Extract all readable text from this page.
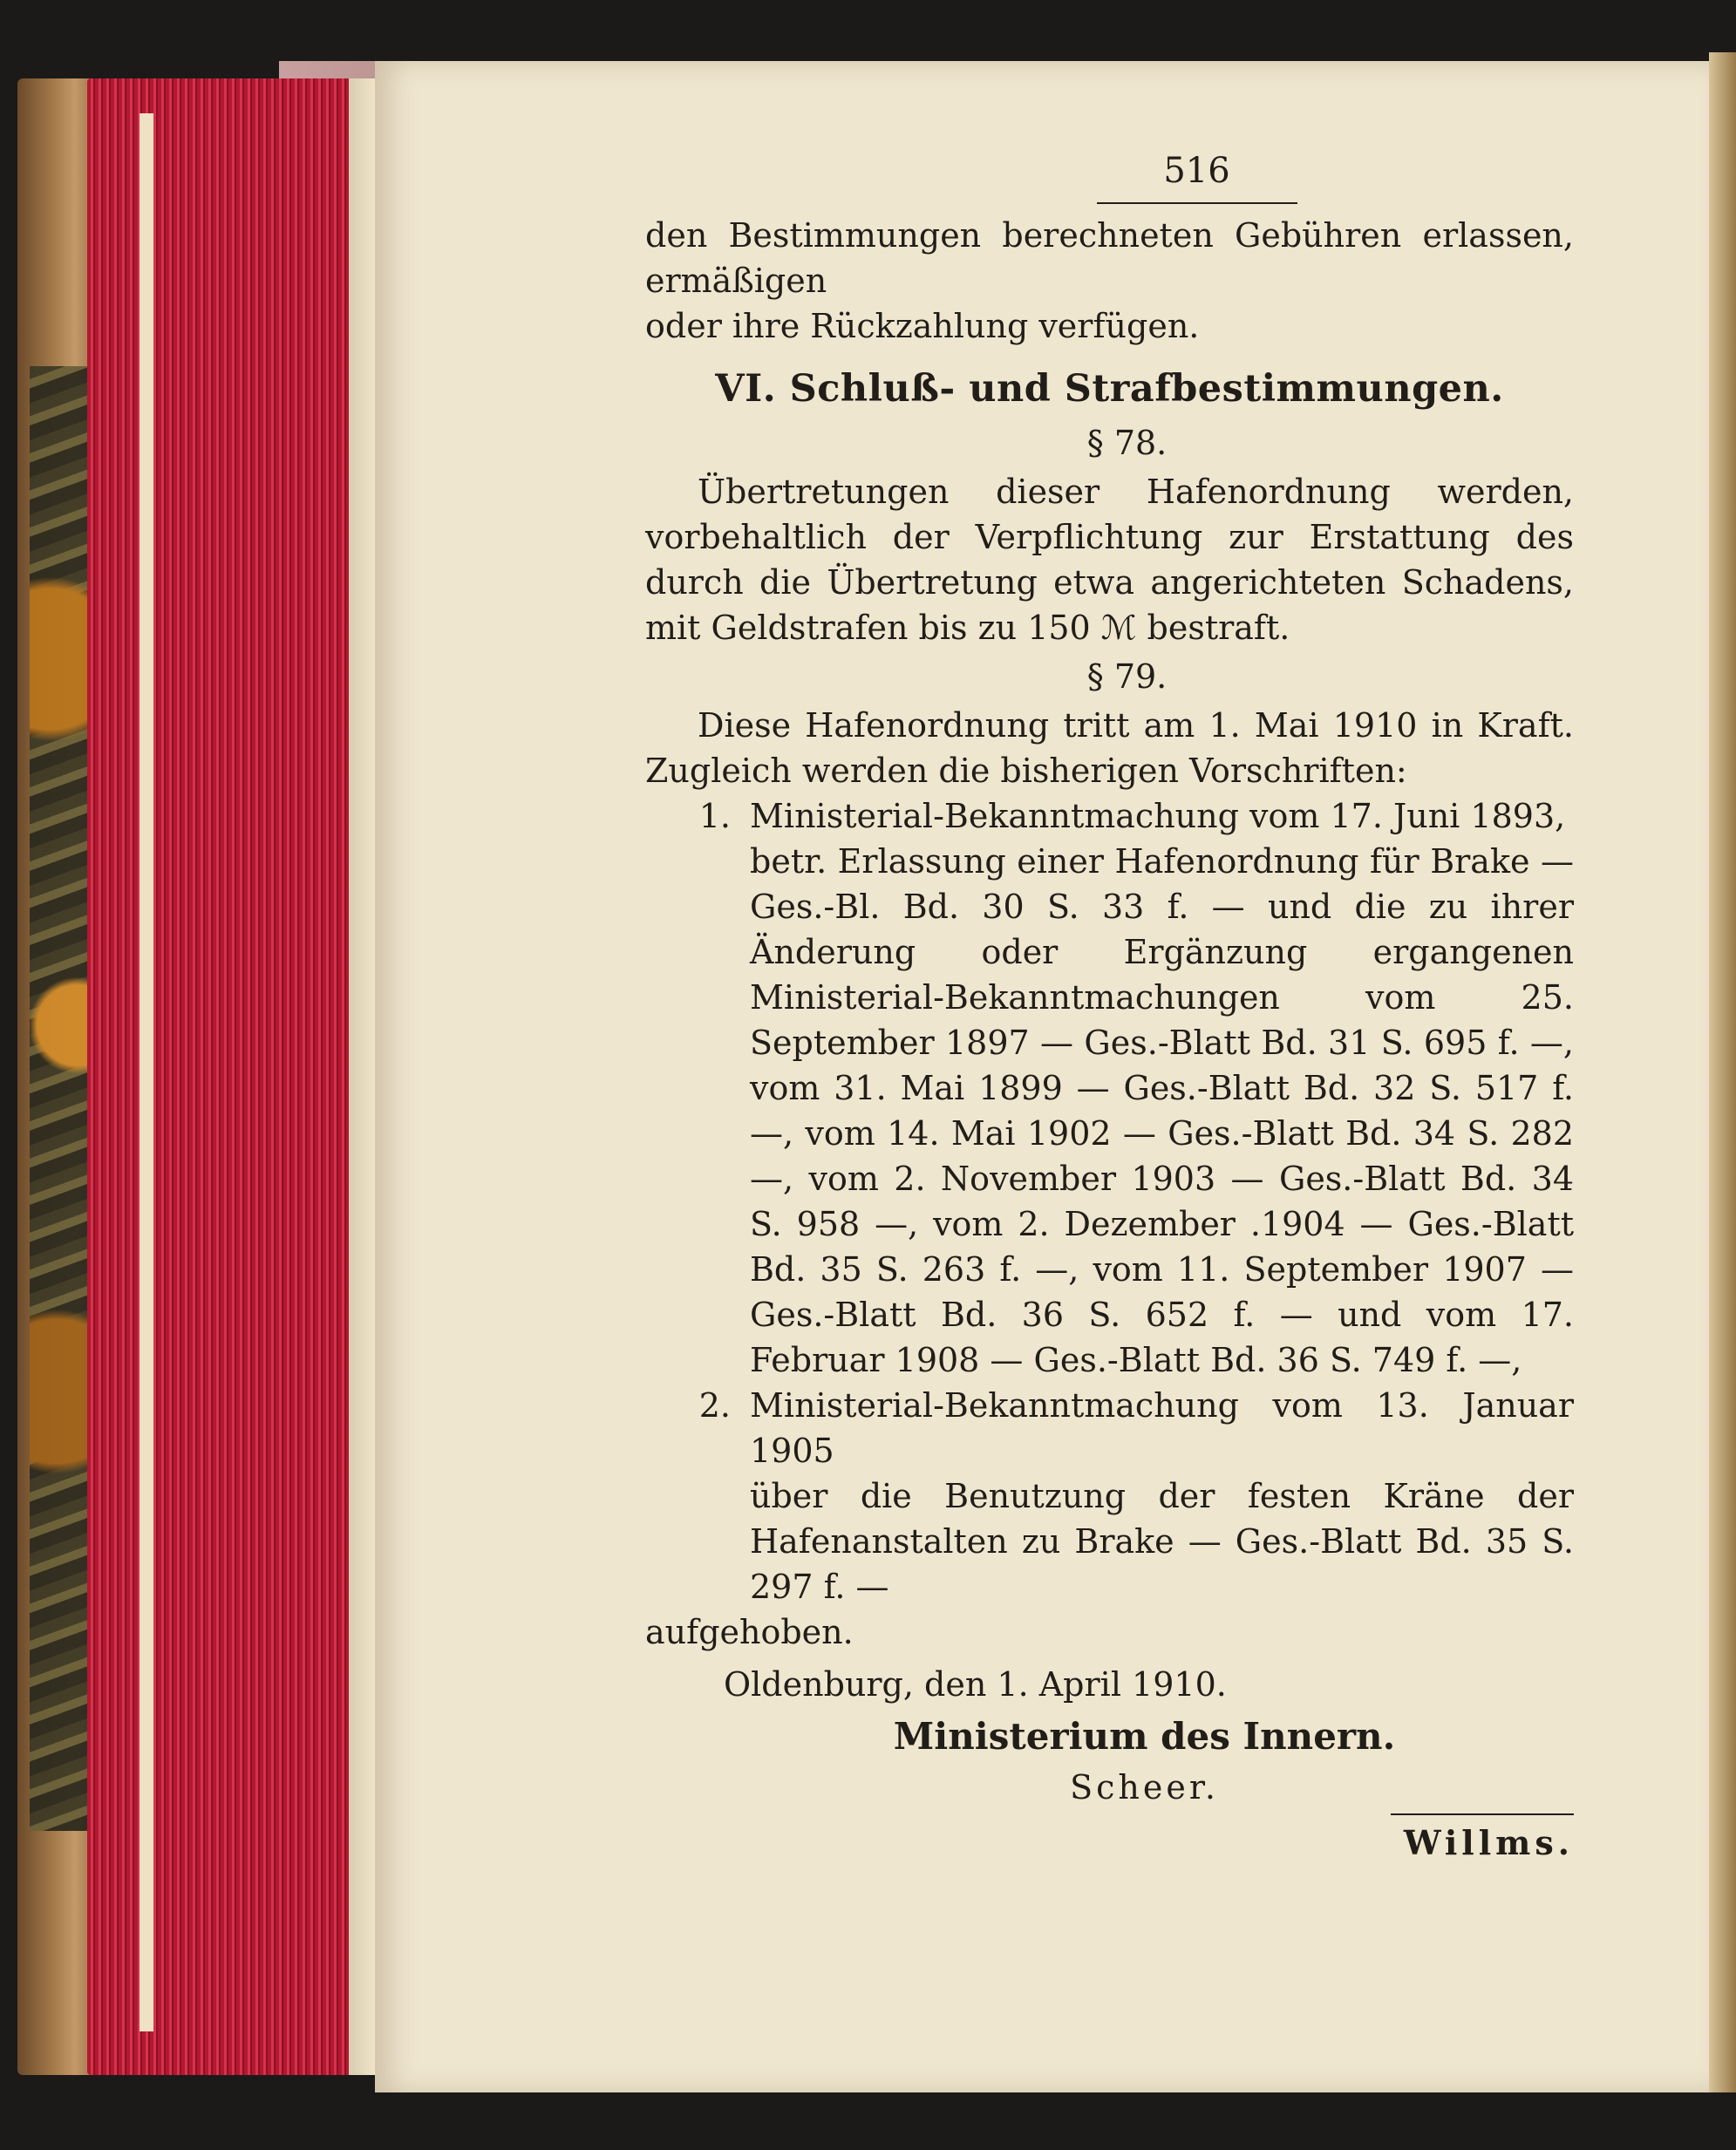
516

den Bestimmungen berechneten Gebühren erlassen, ermäßigen

oder ihre Rückzahlung verfügen.

VI. Schluß- und Strafbestimmungen.
§ 78.

Übertretungen dieser Hafenordnung werden, vorbehaltlich der Verpflichtung zur Erstattung des durch die Übertretung etwa angerichteten Schadens, mit Geldstrafen bis zu 150 ℳ bestraft.

§ 79.

Diese Hafenordnung tritt am 1. Mai 1910 in Kraft. Zugleich werden die bisherigen Vorschriften:

1. Ministerial-Bekanntmachung vom 17. Juni 1893,
betr. Erlassung einer Hafenordnung für Brake — Ges.-Bl. Bd. 30 S. 33 f. — und die zu ihrer Änderung oder Ergänzung ergangenen Ministerial-Bekanntmachungen vom 25. September 1897 — Ges.-Blatt Bd. 31 S. 695 f. —, vom 31. Mai 1899 — Ges.-Blatt Bd. 32 S. 517 f. —, vom 14. Mai 1902 — Ges.-Blatt Bd. 34 S. 282 —, vom 2. November 1903 — Ges.-Blatt Bd. 34 S. 958 —, vom 2. Dezember .1904 — Ges.-Blatt Bd. 35 S. 263 f. —, vom 11. September 1907 — Ges.-Blatt Bd. 36 S. 652 f. — und vom 17. Februar 1908 — Ges.-Blatt Bd. 36 S. 749 f. —,
2. Ministerial-Bekanntmachung vom 13. Januar 1905
über die Benutzung der festen Kräne der Hafenanstalten zu Brake — Ges.-Blatt Bd. 35 S. 297 f. —

aufgehoben.

Oldenburg, den 1. April 1910.

Ministerium des Innern.
Scheer.
Willms.
